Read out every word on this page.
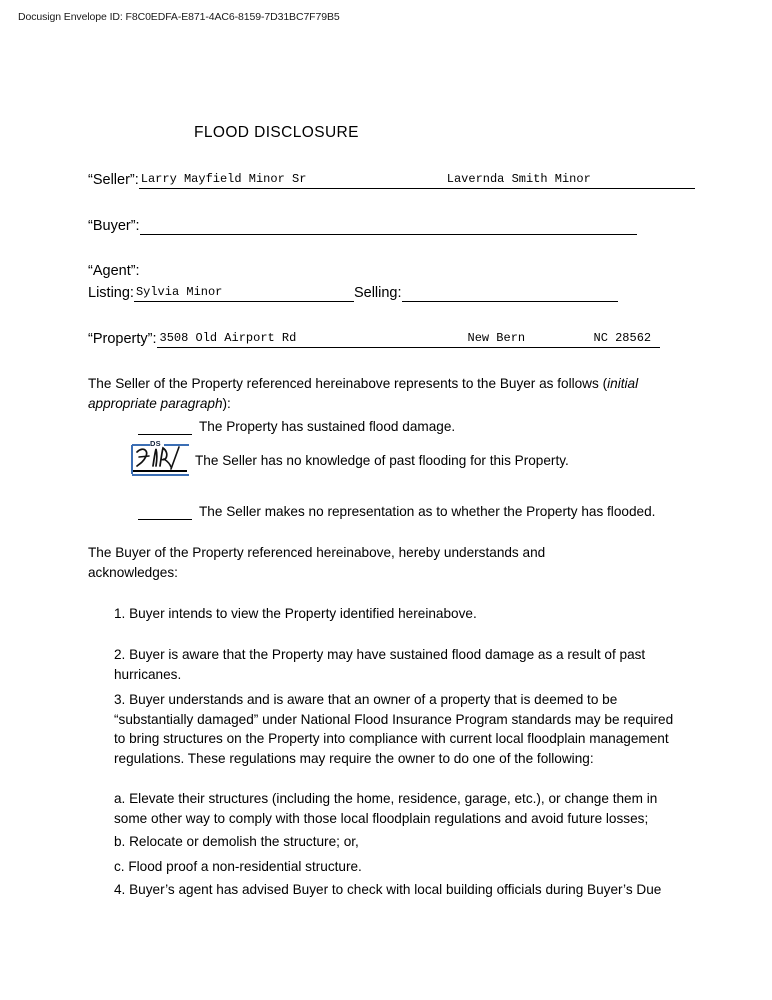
Docusign Envelope ID: F8C0EDFA-E871-4AC6-8159-7D31BC7F79B5
FLOOD DISCLOSURE
“Seller”: Larry Mayfield Minor Sr	Lavernda Smith Minor
“Buyer”:
“Agent”:
Listing: Sylvia Minor	Selling:
“Property”: 3508 Old Airport Rd	New Bern	NC 28562
The Seller of the Property referenced hereinabove represents to the Buyer as follows (initial appropriate paragraph):
The Property has sustained flood damage.
DS
The Seller has no knowledge of past flooding for this Property.
The Seller makes no representation as to whether the Property has flooded.
The Buyer of the Property referenced hereinabove, hereby understands and acknowledges:
1. Buyer intends to view the Property identified hereinabove.
2. Buyer is aware that the Property may have sustained flood damage as a result of past hurricanes.
3. Buyer understands and is aware that an owner of a property that is deemed to be “substantially damaged” under National Flood Insurance Program standards may be required to bring structures on the Property into compliance with current local floodplain management regulations. These regulations may require the owner to do one of the following:
a. Elevate their structures (including the home, residence, garage, etc.), or change them in some other way to comply with those local floodplain regulations and avoid future losses;
b. Relocate or demolish the structure; or,
c. Flood proof a non-residential structure.
4. Buyer’s agent has advised Buyer to check with local building officials during Buyer’s Due
